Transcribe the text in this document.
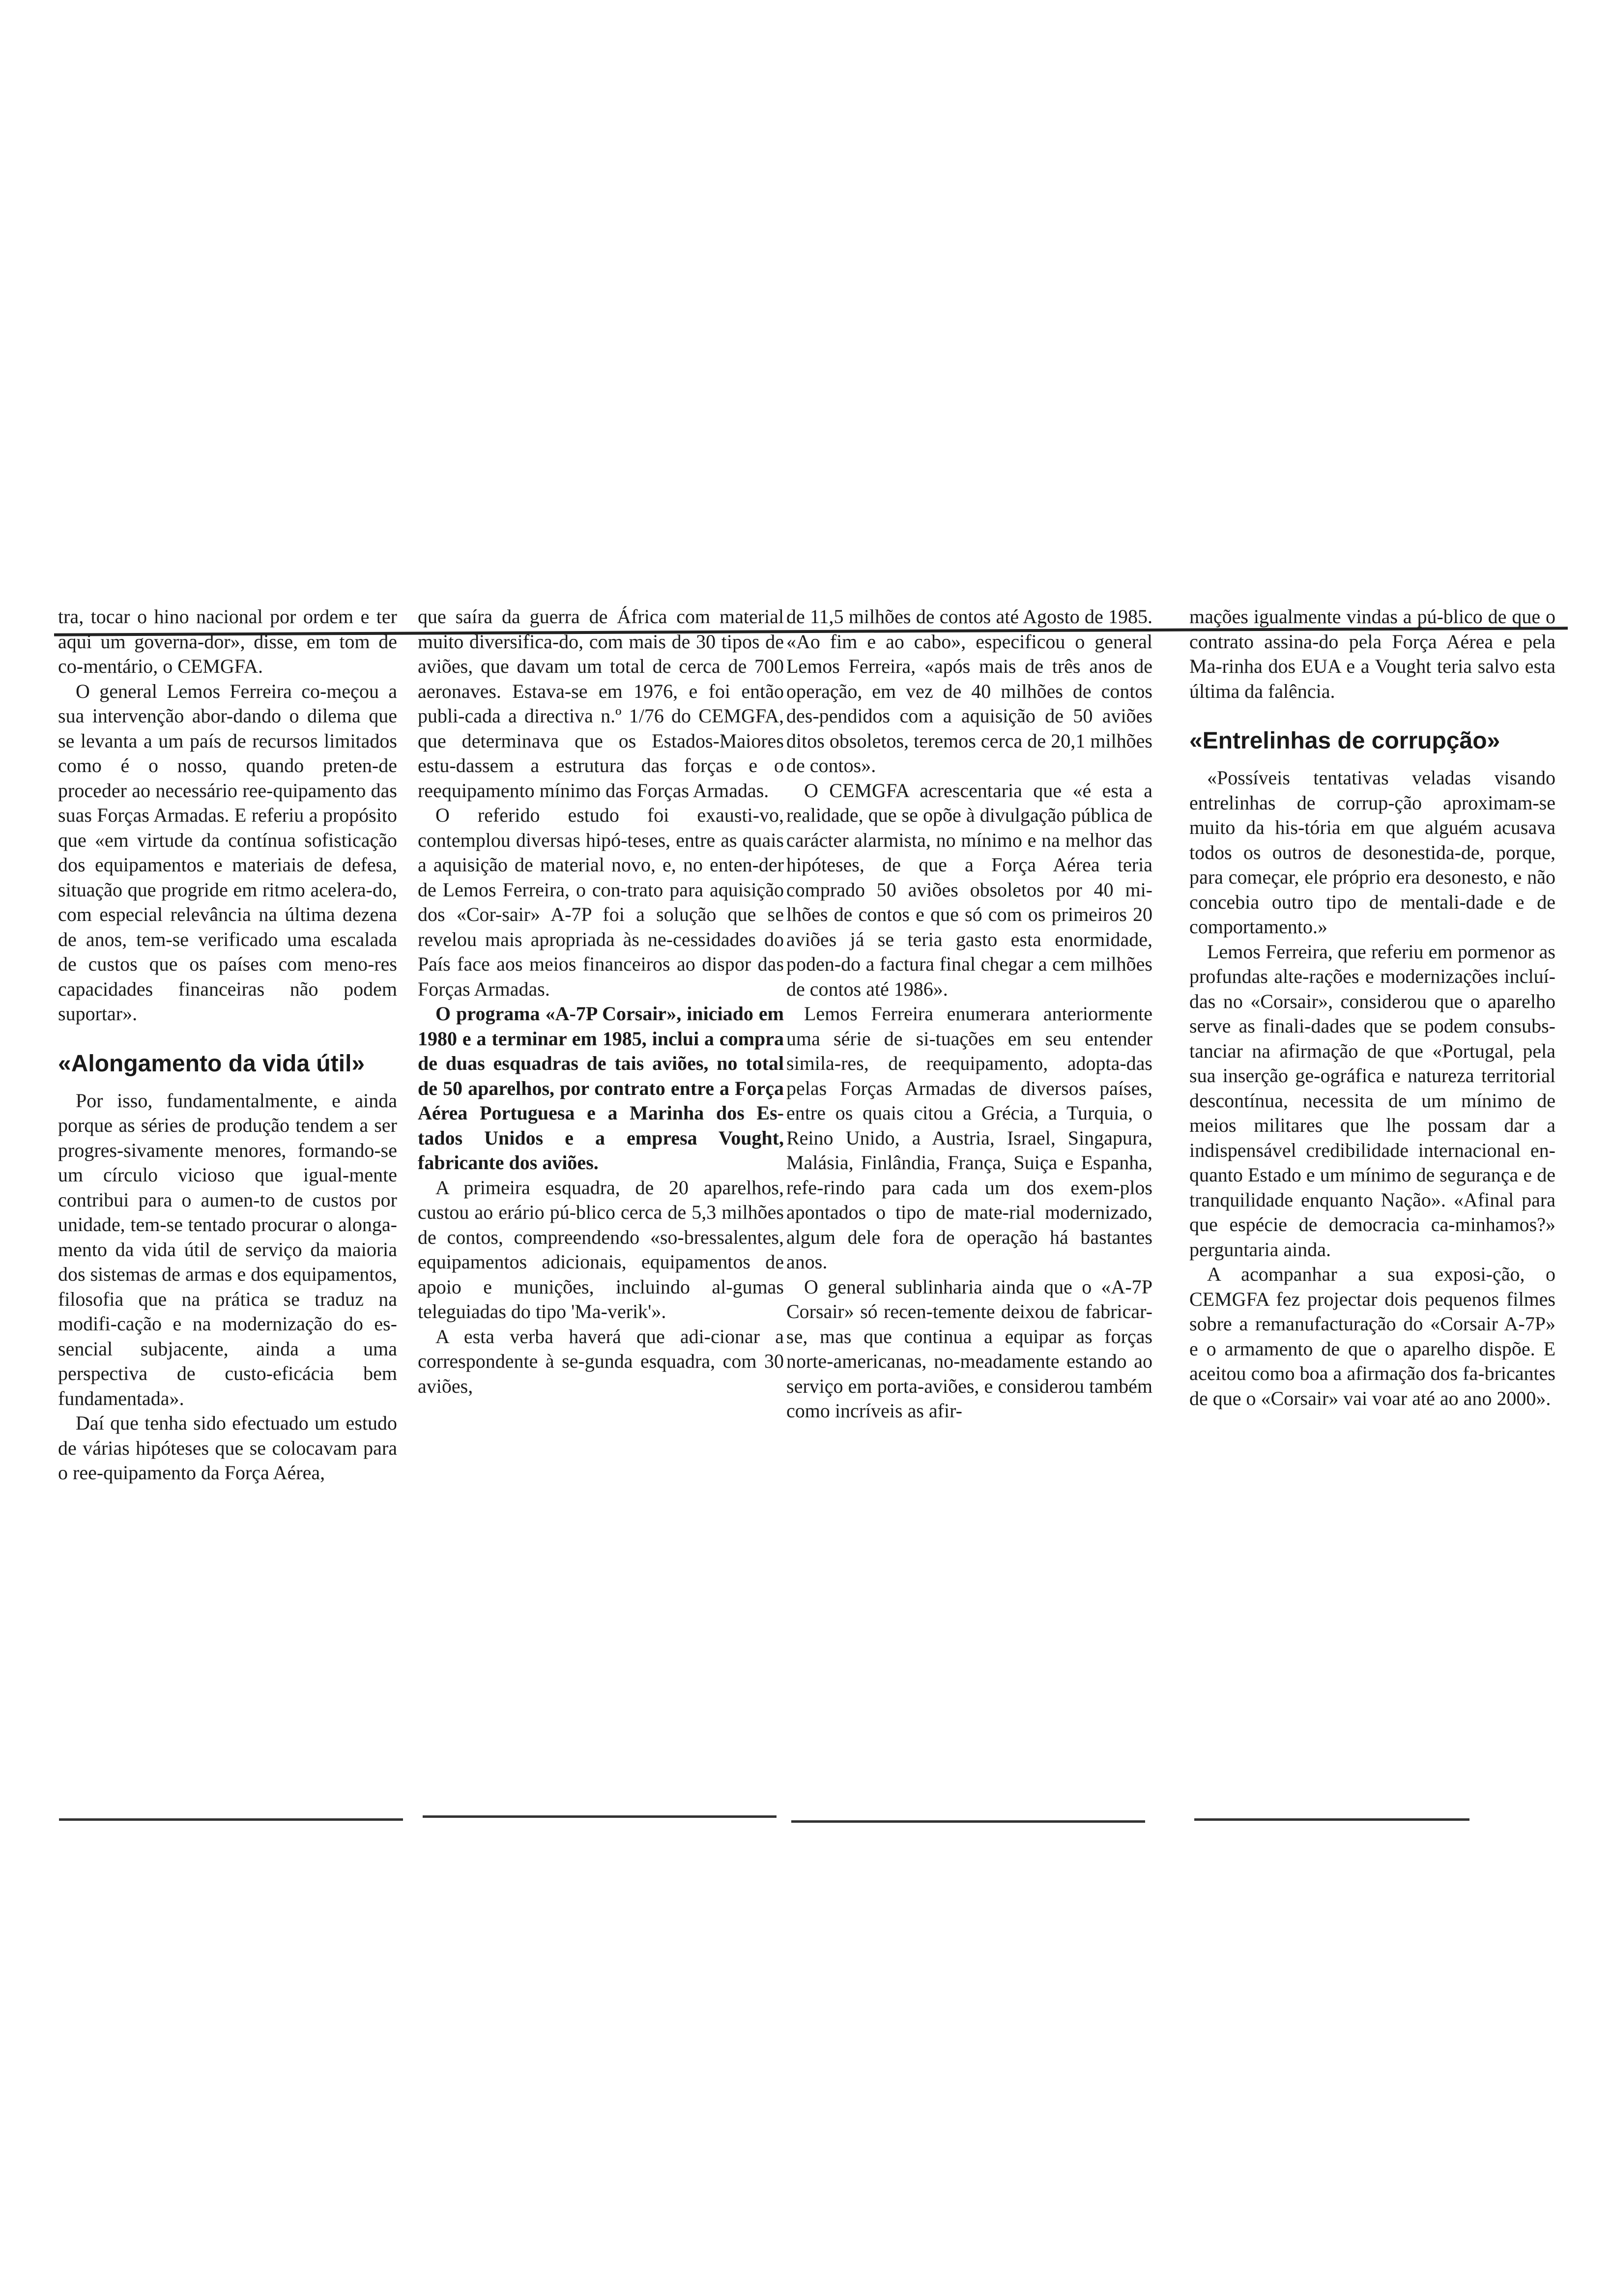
tra, tocar o hino nacional por ordem e ter aqui um governa-dor», disse, em tom de co-mentário, o CEMGFA.

O general Lemos Ferreira co-meçou a sua intervenção abor-dando o dilema que se levanta a um país de recursos limitados como é o nosso, quando preten-de proceder ao necessário ree-quipamento das suas Forças Armadas. E referiu a propósito que «em virtude da contínua sofisticação dos equipamentos e materiais de defesa, situação que progride em ritmo acelera-do, com especial relevância na última dezena de anos, tem-se verificado uma escalada de custos que os países com meno-res capacidades financeiras não podem suportar».

«Alongamento da vida útil»

Por isso, fundamentalmente, e ainda porque as séries de produção tendem a ser progres-sivamente menores, formando-se um círculo vicioso que igual-mente contribui para o aumen-to de custos por unidade, tem-se tentado procurar o alonga-mento da vida útil de serviço da maioria dos sistemas de armas e dos equipamentos, filosofia que na prática se traduz na modifi-cação e na modernização do es-sencial subjacente, ainda a uma perspectiva de custo-eficácia bem fundamentada».

Daí que tenha sido efectuado um estudo de várias hipóteses que se colocavam para o ree-quipamento da Força Aérea,

que saíra da guerra de África com material muito diversifica-do, com mais de 30 tipos de aviões, que davam um total de cerca de 700 aeronaves. Estava-se em 1976, e foi então publi-cada a directiva n.º 1/76 do CEMGFA, que determinava que os Estados-Maiores estu-dassem a estrutura das forças e o reequipamento mínimo das Forças Armadas.

O referido estudo foi exausti-vo, contemplou diversas hipó-teses, entre as quais a aquisição de material novo, e, no enten-der de Lemos Ferreira, o con-trato para aquisição dos «Cor-sair» A-7P foi a solução que se revelou mais apropriada às ne-cessidades do País face aos meios financeiros ao dispor das Forças Armadas.

O programa «A-7P Corsair», iniciado em 1980 e a terminar em 1985, inclui a compra de duas esquadras de tais aviões, no total de 50 aparelhos, por contrato entre a Força Aérea Portuguesa e a Marinha dos Es-tados Unidos e a empresa Vought, fabricante dos aviões.

A primeira esquadra, de 20 aparelhos, custou ao erário pú-blico cerca de 5,3 milhões de contos, compreendendo «so-bressalentes, equipamentos adicionais, equipamentos de apoio e munições, incluindo al-gumas teleguiadas do tipo 'Ma-verik'».

A esta verba haverá que adi-cionar a correspondente à se-gunda esquadra, com 30 aviões,

de 11,5 milhões de contos até Agosto de 1985. «Ao fim e ao cabo», especificou o general Lemos Ferreira, «após mais de três anos de operação, em vez de 40 milhões de contos des-pendidos com a aquisição de 50 aviões ditos obsoletos, teremos cerca de 20,1 milhões de contos».

O CEMGFA acrescentaria que «é esta a realidade, que se opõe à divulgação pública de carácter alarmista, no mínimo e na melhor das hipóteses, de que a Força Aérea teria comprado 50 aviões obsoletos por 40 mi-lhões de contos e que só com os primeiros 20 aviões já se teria gasto esta enormidade, poden-do a factura final chegar a cem milhões de contos até 1986».

Lemos Ferreira enumerara anteriormente uma série de si-tuações em seu entender simila-res, de reequipamento, adopta-das pelas Forças Armadas de diversos países, entre os quais citou a Grécia, a Turquia, o Reino Unido, a Austria, Israel, Singapura, Malásia, Finlândia, França, Suiça e Espanha, refe-rindo para cada um dos exem-plos apontados o tipo de mate-rial modernizado, algum dele fora de operação há bastantes anos.

O general sublinharia ainda que o «A-7P Corsair» só recen-temente deixou de fabricar-se, mas que continua a equipar as forças norte-americanas, no-meadamente estando ao serviço em porta-aviões, e considerou também como incríveis as afir-

mações igualmente vindas a pú-blico de que o contrato assina-do pela Força Aérea e pela Ma-rinha dos EUA e a Vought teria salvo esta última da falência.

«Entrelinhas de corrupção»

«Possíveis tentativas veladas visando entrelinhas de corrup-ção aproximam-se muito da his-tória em que alguém acusava todos os outros de desonestida-de, porque, para começar, ele próprio era desonesto, e não concebia outro tipo de mentali-dade e de comportamento.»

Lemos Ferreira, que referiu em pormenor as profundas alte-rações e modernizações incluí-das no «Corsair», considerou que o aparelho serve as finali-dades que se podem consubs-tanciar na afirmação de que «Portugal, pela sua inserção ge-ográfica e natureza territorial descontínua, necessita de um mínimo de meios militares que lhe possam dar a indispensável credibilidade internacional en-quanto Estado e um mínimo de segurança e de tranquilidade enquanto Nação». «Afinal para que espécie de democracia ca-minhamos?» perguntaria ainda.

A acompanhar a sua exposi-ção, o CEMGFA fez projectar dois pequenos filmes sobre a remanufacturação do «Corsair A-7P» e o armamento de que o aparelho dispõe. E aceitou como boa a afirmação dos fa-bricantes de que o «Corsair» vai voar até ao ano 2000».
